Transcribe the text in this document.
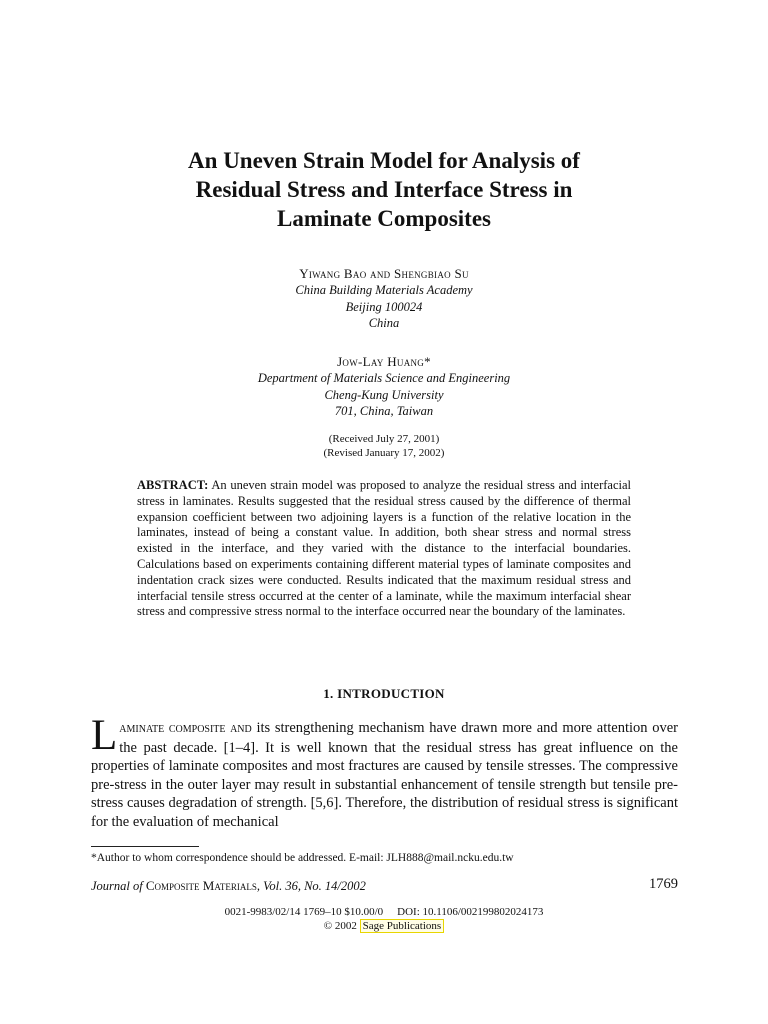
An Uneven Strain Model for Analysis of
Residual Stress and Interface Stress in
Laminate Composites
Yiwang Bao and Shengbiao Su
China Building Materials Academy
Beijing 100024
China
Jow-Lay Huang*
Department of Materials Science and Engineering
Cheng-Kung University
701, China, Taiwan
(Received July 27, 2001)
(Revised January 17, 2002)
ABSTRACT: An uneven strain model was proposed to analyze the residual stress and interfacial stress in laminates. Results suggested that the residual stress caused by the difference of thermal expansion coefficient between two adjoining layers is a function of the relative location in the laminates, instead of being a constant value. In addition, both shear stress and normal stress existed in the interface, and they varied with the distance to the interfacial boundaries. Calculations based on experiments containing different material types of laminate composites and indentation crack sizes were conducted. Results indicated that the maximum residual stress and interfacial tensile stress occurred at the center of a laminate, while the maximum interfacial shear stress and compressive stress normal to the interface occurred near the boundary of the laminates.
1. INTRODUCTION
Laminate composite and its strengthening mechanism have drawn more and more attention over the past decade. [1–4]. It is well known that the residual stress has great influence on the properties of laminate composites and most fractures are caused by tensile stresses. The compressive pre-stress in the outer layer may result in substantial enhancement of tensile strength but tensile pre-stress causes degradation of strength. [5,6]. Therefore, the distribution of residual stress is significant for the evaluation of mechanical
*Author to whom correspondence should be addressed. E-mail: JLH888@mail.ncku.edu.tw
Journal of Composite Materials, Vol. 36, No. 14/2002	1769
0021-9983/02/14 1769–10 $10.00/0 DOI: 10.1106/002199802024173
© 2002 Sage Publications
